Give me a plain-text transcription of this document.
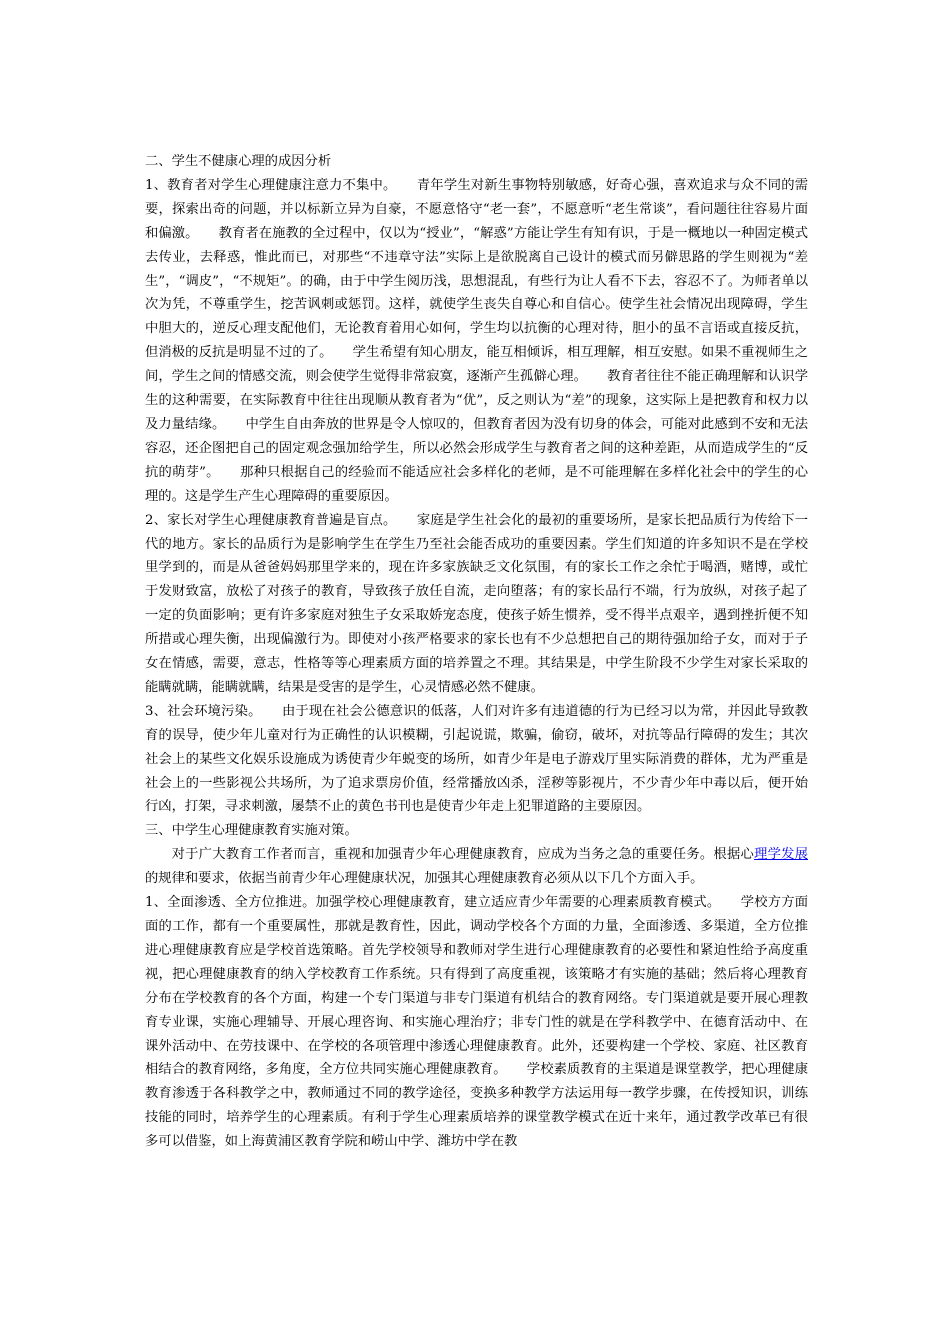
二、学生不健康心理的成因分析

1、教育者对学生心理健康注意力不集中。　　青年学生对新生事物特别敏感，好奇心强，喜欢追求与众不同的需要，探索出奇的问题，并以标新立异为自豪，不愿意恪守“老一套”，不愿意听“老生常谈”，看问题往往容易片面和偏激。　　教育者在施教的全过程中，仅以为“授业”，“解惑”方能让学生有知有识，于是一概地以一种固定模式去传业，去释惑，惟此而已，对那些“不违章守法”实际上是欲脱离自己设计的模式而另僻思路的学生则视为“差生”，“调皮”，“不规矩”。的确，由于中学生阅历浅，思想混乱，有些行为让人看不下去，容忍不了。为师者单以次为凭，不尊重学生，挖苦讽刺或惩罚。这样，就使学生丧失自尊心和自信心。使学生社会情况出现障碍，学生中胆大的，逆反心理支配他们，无论教育着用心如何，学生均以抗衡的心理对待，胆小的虽不言语或直接反抗，但消极的反抗是明显不过的了。　　学生希望有知心朋友，能互相倾诉，相互理解，相互安慰。如果不重视师生之间，学生之间的情感交流，则会使学生觉得非常寂寞，逐渐产生孤僻心理。　　教育者往往不能正确理解和认识学生的这种需要，在实际教育中往往出现顺从教育者为“优”，反之则认为“差”的现象，这实际上是把教育和权力以及力量结缘。　　中学生自由奔放的世界是令人惊叹的，但教育者因为没有切身的体会，可能对此感到不安和无法容忍，还企图把自己的固定观念强加给学生，所以必然会形成学生与教育者之间的这种差距，从而造成学生的“反抗的萌芽”。　　那种只根据自己的经验而不能适应社会多样化的老师，是不可能理解在多样化社会中的学生的心理的。这是学生产生心理障碍的重要原因。

2、家长对学生心理健康教育普遍是盲点。　　家庭是学生社会化的最初的重要场所，是家长把品质行为传给下一代的地方。家长的品质行为是影响学生在学生乃至社会能否成功的重要因素。学生们知道的许多知识不是在学校里学到的，而是从爸爸妈妈那里学来的，现在许多家族缺乏文化氛围，有的家长工作之余忙于喝酒，赌博，或忙于发财致富，放松了对孩子的教育，导致孩子放任自流，走向堕落；有的家长品行不端，行为放纵，对孩子起了一定的负面影响；更有许多家庭对独生子女采取娇宠态度，使孩子娇生惯养，受不得半点艰辛，遇到挫折便不知所措或心理失衡，出现偏激行为。即使对小孩严格要求的家长也有不少总想把自己的期待强加给子女，而对于子女在情感，需要，意志，性格等等心理素质方面的培养置之不理。其结果是，中学生阶段不少学生对家长采取的能瞒就瞒，能瞒就瞒，结果是受害的是学生，心灵情感必然不健康。

3、社会环境污染。　　由于现在社会公德意识的低落，人们对许多有违道德的行为已经习以为常，并因此导致教育的误导，使少年儿童对行为正确性的认识模糊，引起说谎，欺骗，偷窃，破坏，对抗等品行障碍的发生；其次社会上的某些文化娱乐设施成为诱使青少年蜕变的场所，如青少年是电子游戏厅里实际消费的群体，尤为严重是社会上的一些影视公共场所，为了追求票房价值，经常播放凶杀，淫秽等影视片，不少青少年中毒以后，便开始行凶，打架，寻求刺激，屡禁不止的黄色书刊也是使青少年走上犯罪道路的主要原因。

三、中学生心理健康教育实施对策。

对于广大教育工作者而言，重视和加强青少年心理健康教育，应成为当务之急的重要任务。根据心理学发展的规律和要求，依据当前青少年心理健康状况，加强其心理健康教育必须从以下几个方面入手。

1、全面渗透、全方位推进。加强学校心理健康教育，建立适应青少年需要的心理素质教育模式。　　学校方方面面的工作，都有一个重要属性，那就是教育性，因此，调动学校各个方面的力量，全面渗透、多渠道，全方位推进心理健康教育应是学校首选策略。首先学校领导和教师对学生进行心理健康教育的必要性和紧迫性给予高度重视，把心理健康教育的纳入学校教育工作系统。只有得到了高度重视，该策略才有实施的基础；然后将心理教育分布在学校教育的各个方面，构建一个专门渠道与非专门渠道有机结合的教育网络。专门渠道就是要开展心理教育专业课，实施心理辅导、开展心理咨询、和实施心理治疗；非专门性的就是在学科教学中、在德育活动中、在课外活动中、在劳技课中、在学校的各项管理中渗透心理健康教育。此外，还要构建一个学校、家庭、社区教育相结合的教育网络，多角度，全方位共同实施心理健康教育。　　学校素质教育的主渠道是课堂教学，把心理健康教育渗透于各科教学之中，教师通过不同的教学途径，变换多种教学方法运用每一教学步骤，在传授知识，训练技能的同时，培养学生的心理素质。有利于学生心理素质培养的课堂教学模式在近十来年，通过教学改革已有很多可以借鉴，如上海黄浦区教育学院和崂山中学、潍坊中学在教
